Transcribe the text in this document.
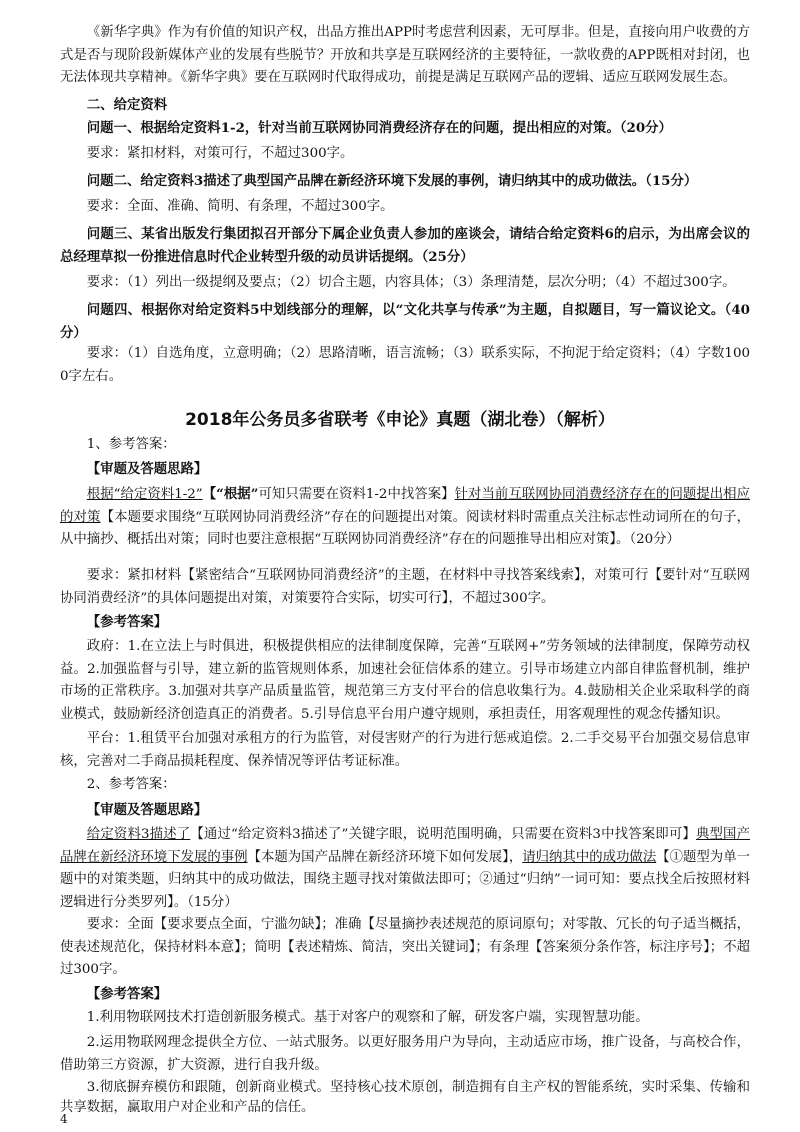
《新华字典》作为有价值的知识产权，出品方推出APP时考虑营利因素，无可厚非。但是，直接向用户收费的方式是否与现阶段新媒体产业的发展有些脱节？开放和共享是互联网经济的主要特征，一款收费的APP既相对封闭，也无法体现共享精神。《新华字典》要在互联网时代取得成功，前提是满足互联网产品的逻辑、适应互联网发展生态。
二、给定资料
问题一、根据给定资料1-2，针对当前互联网协同消费经济存在的问题，提出相应的对策。（20分）
要求：紧扣材料，对策可行，不超过300字。
问题二、给定资料3描述了典型国产品牌在新经济环境下发展的事例，请归纳其中的成功做法。（15分）
要求：全面、准确、简明、有条理，不超过300字。
问题三、某省出版发行集团拟召开部分下属企业负责人参加的座谈会，请结合给定资料6的启示，为出席会议的总经理草拟一份推进信息时代企业转型升级的动员讲话提纲。（25分）
要求：（1）列出一级提纲及要点；（2）切合主题，内容具体；（3）条理清楚，层次分明；（4）不超过300字。
问题四、根据你对给定资料5中划线部分的理解，以“文化共享与传承”为主题，自拟题目，写一篇议论文。（40分）
要求：（1）自选角度，立意明确；（2）思路清晰，语言流畅；（3）联系实际，不拘泥于给定资料；（4）字数1000字左右。
2018年公务员多省联考《申论》真题（湖北卷）（解析）
1、参考答案：
【审题及答题思路】
根据“给定资料1-2”【“根据”可知只需要在资料1-2中找答案】针对当前互联网协同消费经济存在的问题提出相应的对策【本题要求围绕“互联网协同消费经济”存在的问题提出对策。阅读材料时需重点关注标志性动词所在的句子，从中摘抄、概括出对策；同时也要注意根据“互联网协同消费经济”存在的问题推导出相应对策】。（20分）
要求：紧扣材料【紧密结合“互联网协同消费经济”的主题，在材料中寻找答案线索】，对策可行【要针对“互联网协同消费经济”的具体问题提出对策，对策要符合实际，切实可行】，不超过300字。
【参考答案】
政府：1.在立法上与时俱进，积极提供相应的法律制度保障，完善“互联网+”劳务领域的法律制度，保障劳动权益。2.加强监督与引导，建立新的监管规则体系，加速社会征信体系的建立。引导市场建立内部自律监督机制，维护市场的正常秩序。3.加强对共享产品质量监管，规范第三方支付平台的信息收集行为。4.鼓励相关企业采取科学的商业模式，鼓励新经济创造真正的消费者。5.引导信息平台用户遵守规则，承担责任，用客观理性的观念传播知识。
平台：1.租赁平台加强对承租方的行为监管，对侵害财产的行为进行惩戒追偿。2.二手交易平台加强交易信息审核，完善对二手商品损耗程度、保养情况等评估考证标准。
2、参考答案：
【审题及答题思路】
给定资料3描述了【通过“给定资料3描述了”关键字眼，说明范围明确，只需要在资料3中找答案即可】典型国产品牌在新经济环境下发展的事例【本题为国产品牌在新经济环境下如何发展】，请归纳其中的成功做法【①题型为单一题中的对策类题，归纳其中的成功做法，围绕主题寻找对策做法即可；②通过“归纳”一词可知：要点找全后按照材料逻辑进行分类罗列】。（15分）
要求：全面【要求要点全面，宁滥勿缺】；准确【尽量摘抄表述规范的原词原句；对零散、冗长的句子适当概括，使表述规范化，保持材料本意】；简明【表述精炼、简洁，突出关键词】；有条理【答案须分条作答，标注序号】；不超过300字。
【参考答案】
1.利用物联网技术打造创新服务模式。基于对客户的观察和了解，研发客户端，实现智慧功能。
2.运用物联网理念提供全方位、一站式服务。以更好服务用户为导向，主动适应市场，推广设备，与高校合作，借助第三方资源，扩大资源，进行自我升级。
4
3.彻底摒弃模仿和跟随，创新商业模式。坚持核心技术原创，制造拥有自主产权的智能系统，实时采集、传输和共享数据，赢取用户对企业和产品的信任。
